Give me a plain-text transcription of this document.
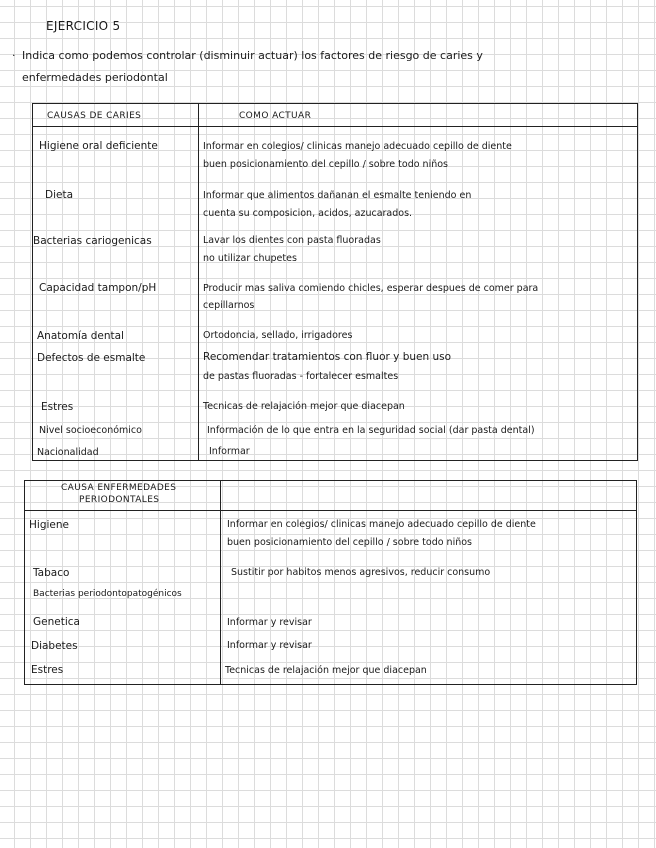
EJERCICIO 5
· Indica como podemos controlar (disminuir actuar) los factores de riesgo de caries y
enfermedades periodontal
CAUSAS DE CARIES	COMO ACTUAR
Higiene oral deficiente	Informar en colegios/ clinicas manejo adecuado cepillo de diente
buen posicionamiento del cepillo / sobre todo niños
Dieta	Informar que alimentos dañanan el esmalte teniendo en
cuenta su composicion, acidos, azucarados.
Bacterias cariogenicas	Lavar los dientes con pasta fluoradas
no utilizar chupetes
Capacidad tampon/pH	Producir mas saliva comiendo chicles, esperar despues de comer para
cepillarnos
Anatomía dental	Ortodoncia, sellado, irrigadores
Defectos de esmalte	Recomendar tratamientos con fluor y buen uso
de pastas fluoradas - fortalecer esmaltes
Estres	Tecnicas de relajación mejor que diacepan
Nivel socioeconómico	Información de lo que entra en la seguridad social (dar pasta dental)
Nacionalidad	Informar
CAUSA ENFERMEDADES
PERIODONTALES
Higiene	Informar en colegios/ clinicas manejo adecuado cepillo de diente
buen posicionamiento del cepillo / sobre todo niños
Tabaco	Sustitir por habitos menos agresivos, reducir consumo
Bacterias periodontopatogénicos
Genetica	Informar y revisar
Diabetes	Informar y revisar
Estres	Tecnicas de relajación mejor que diacepan
